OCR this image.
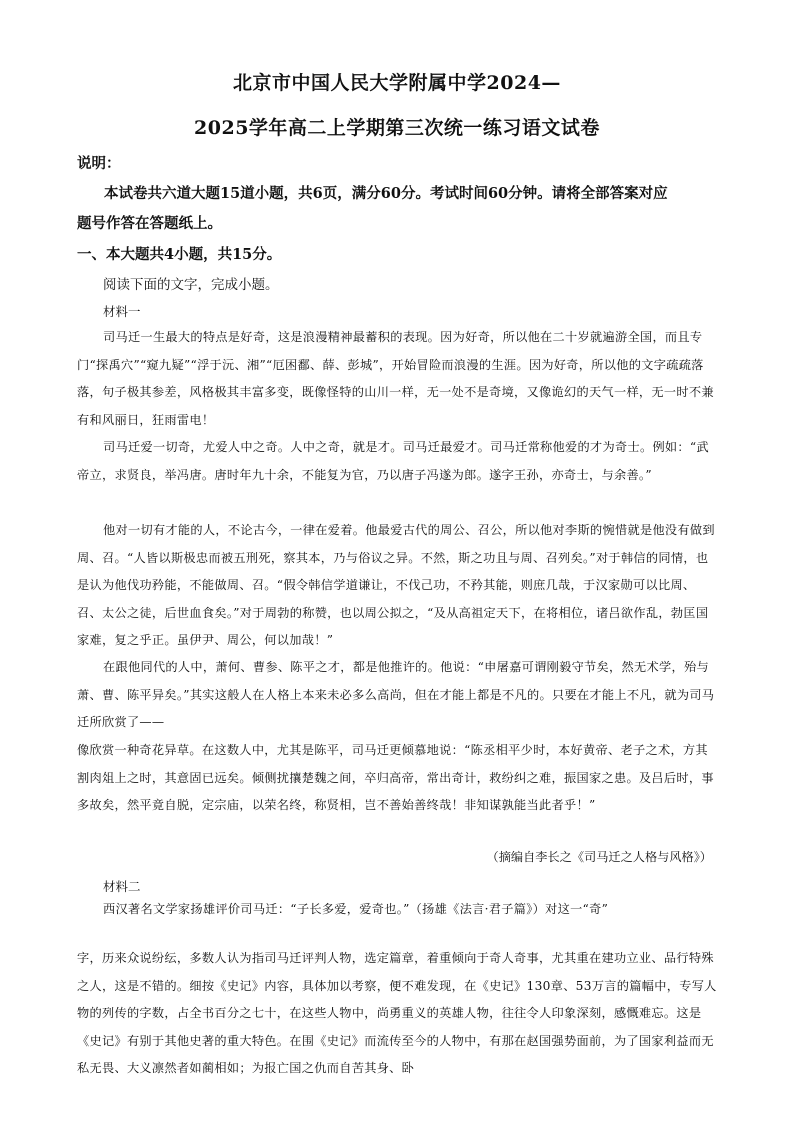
北京市中国人民大学附属中学2024—
2025学年高二上学期第三次统一练习语文试卷
说明：
本试卷共六道大题15道小题，共6页，满分60分。考试时间60分钟。请将全部答案对应
题号作答在答题纸上。
一、本大题共4小题，共15分。
阅读下面的文字，完成小题。
材料一
司马迁一生最大的特点是好奇，这是浪漫精神最蓄积的表现。因为好奇，所以他在二十岁就遍游全国，而且专门“探禹穴”“窥九疑”“浮于沅、湘”“厄困鄱、薛、彭城”，开始冒险而浪漫的生涯。因为好奇，所以他的文字疏疏落落，句子极其参差，风格极其丰富多变，既像怪特的山川一样，无一处不是奇境，又像诡幻的天气一样，无一时不兼有和风丽日，狂雨雷电！
司马迁爱一切奇，尤爱人中之奇。人中之奇，就是才。司马迁最爱才。司马迁常称他爱的才为奇士。例如：“武帝立，求贤良，举冯唐。唐时年九十余，不能复为官，乃以唐子冯遂为郎。遂字王孙，亦奇士，与余善。”
他对一切有才能的人，不论古今，一律在爱着。他最爱古代的周公、召公，所以他对李斯的惋惜就是他没有做到周、召。“人皆以斯极忠而被五刑死，察其本，乃与俗议之异。不然，斯之功且与周、召列矣。”对于韩信的同情，也是认为他伐功矜能，不能做周、召。“假令韩信学道谦让，不伐己功，不矜其能，则庶几哉，于汉家勋可以比周、召、太公之徒，后世血食矣。”对于周勃的称赞，也以周公拟之，“及从高祖定天下，在将相位，诸吕欲作乱，勃匡国家难，复之乎正。虽伊尹、周公，何以加哉！”
在跟他同代的人中，萧何、曹参、陈平之才，都是他推许的。他说：“申屠嘉可谓刚毅守节矣，然无术学，殆与萧、曹、陈平异矣。”其实这般人在人格上本来未必多么高尚，但在才能上都是不凡的。只要在才能上不凡，就为司马迁所欣赏了——
像欣赏一种奇花异草。在这数人中，尤其是陈平，司马迁更倾慕地说：“陈丞相平少时，本好黄帝、老子之术，方其割肉俎上之时，其意固已远矣。倾侧扰攘楚魏之间，卒归高帝，常出奇计，救纷纠之难，振国家之患。及吕后时，事多故矣，然平竟自脱，定宗庙，以荣名终，称贤相，岂不善始善终哉！非知谋孰能当此者乎！”
（摘编自李长之《司马迁之人格与风格》）
材料二
西汉著名文学家扬雄评价司马迁：“子长多爱，爱奇也。”（扬雄《法言·君子篇》）对这一“奇”
字，历来众说纷纭，多数人认为指司马迁评判人物，选定篇章，着重倾向于奇人奇事，尤其重在建功立业、品行特殊之人，这是不错的。细按《史记》内容，具体加以考察，便不难发现，在《史记》130章、53万言的篇幅中，专写人物的列传的字数，占全书百分之七十，在这些人物中，尚勇重义的英雄人物，往往令人印象深刻，感慨难忘。这是《史记》有别于其他史著的重大特色。在围《史记》而流传至今的人物中，有那在赵国强势面前，为了国家利益而无私无畏、大义凛然者如蔺相如；为报亡国之仇而自苦其身、卧
